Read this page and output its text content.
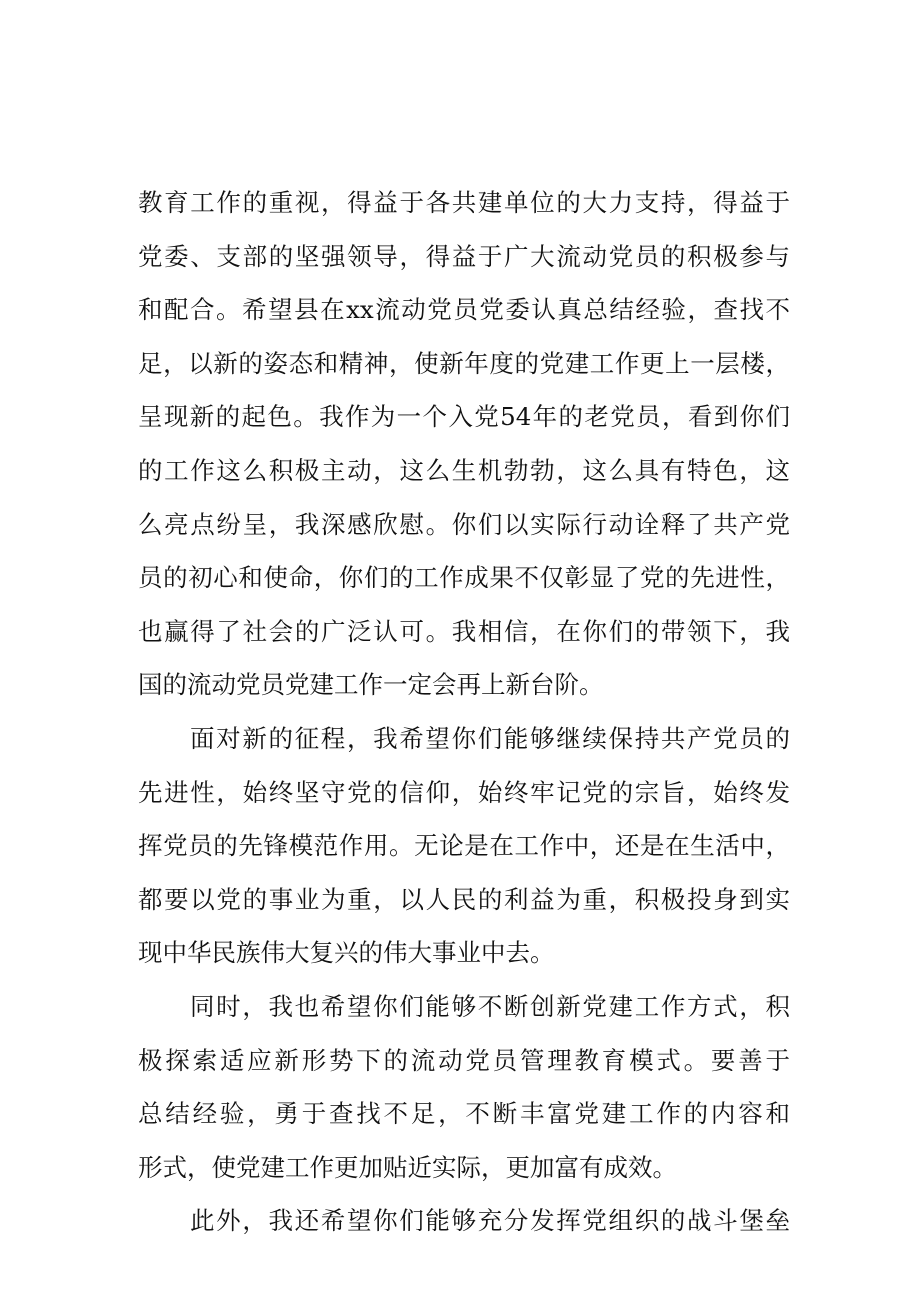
教育工作的重视，得益于各共建单位的大力支持，得益于
党委、支部的坚强领导，得益于广大流动党员的积极参与
和配合。希望县在xx流动党员党委认真总结经验，查找不
足，以新的姿态和精神，使新年度的党建工作更上一层楼，
呈现新的起色。我作为一个入党54年的老党员，看到你们
的工作这么积极主动，这么生机勃勃，这么具有特色，这
么亮点纷呈，我深感欣慰。你们以实际行动诠释了共产党
员的初心和使命，你们的工作成果不仅彰显了党的先进性，
也赢得了社会的广泛认可。我相信，在你们的带领下，我
国的流动党员党建工作一定会再上新台阶。
面对新的征程，我希望你们能够继续保持共产党员的
先进性，始终坚守党的信仰，始终牢记党的宗旨，始终发
挥党员的先锋模范作用。无论是在工作中，还是在生活中，
都要以党的事业为重，以人民的利益为重，积极投身到实
现中华民族伟大复兴的伟大事业中去。
同时，我也希望你们能够不断创新党建工作方式，积
极探索适应新形势下的流动党员管理教育模式。要善于
总结经验，勇于查找不足，不断丰富党建工作的内容和
形式，使党建工作更加贴近实际，更加富有成效。
此外，我还希望你们能够充分发挥党组织的战斗堡垒
